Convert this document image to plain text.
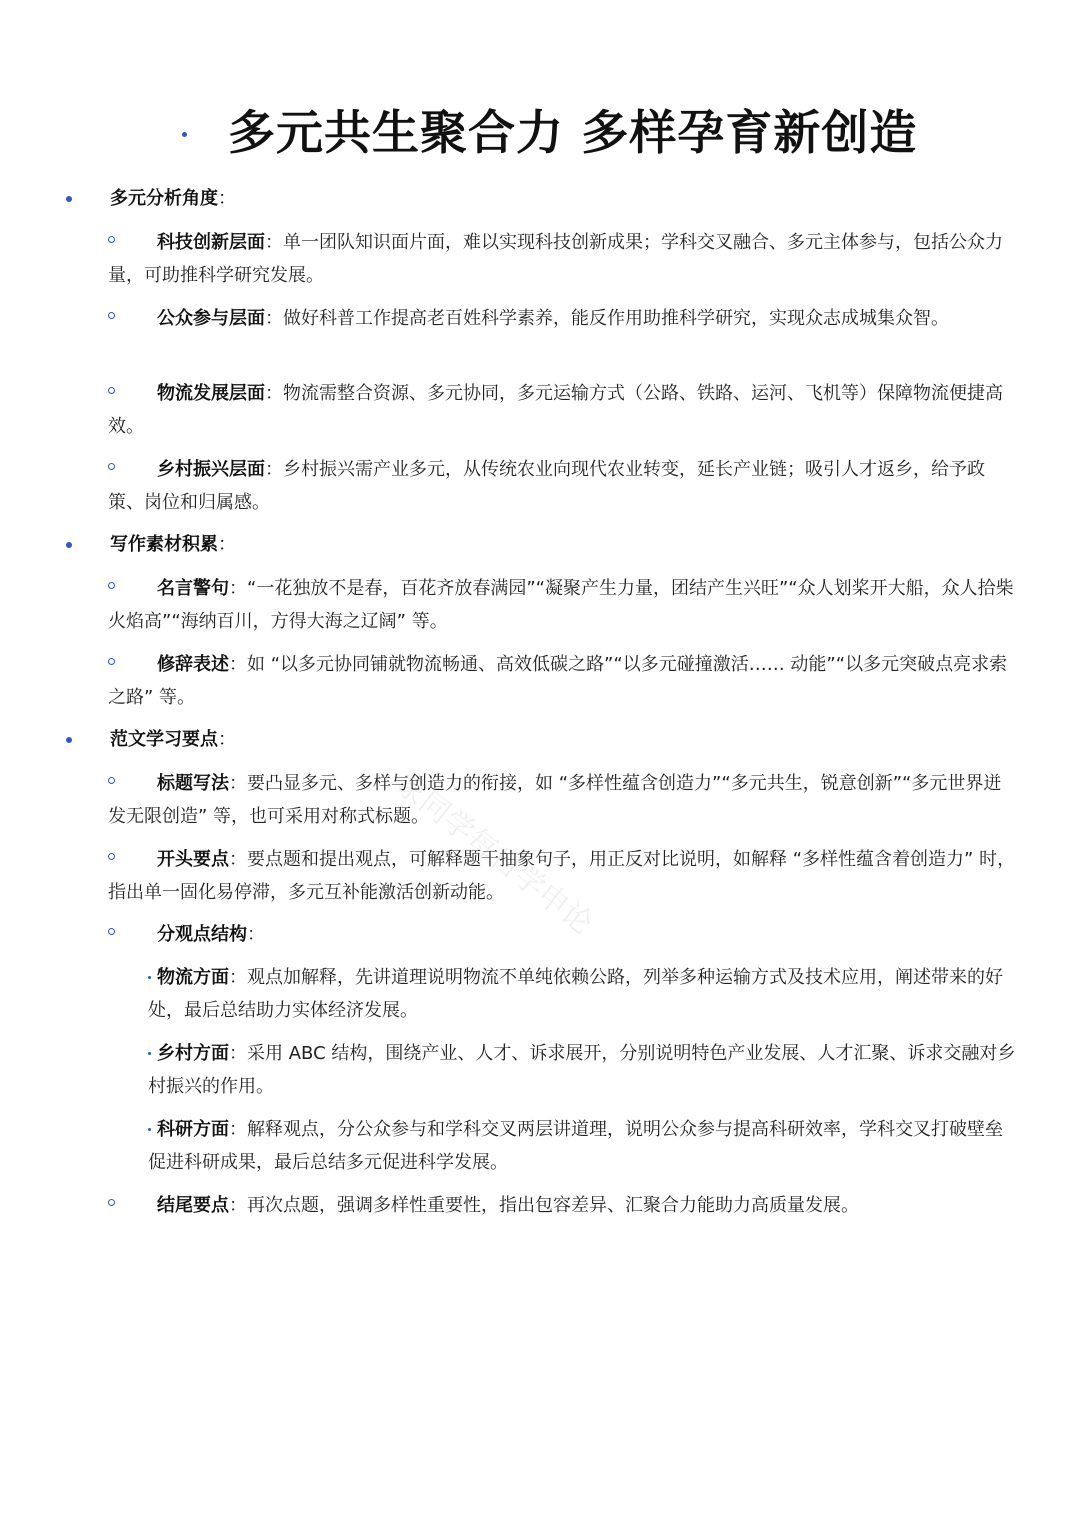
多元共生聚合力 多样孕育新创造
多元分析角度：

科技创新层面：单一团队知识面片面，难以实现科技创新成果；学科交叉融合、多元主体参与，包括公众力量，可助推科学研究发展。

公众参与层面：做好科普工作提高老百姓科学素养，能反作用助推科学研究，实现众志成城集众智。

物流发展层面：物流需整合资源、多元协同，多元运输方式（公路、铁路、运河、飞机等）保障物流便捷高效。

乡村振兴层面：乡村振兴需产业多元，从传统农业向现代农业转变，延长产业链；吸引人才返乡，给予政策、岗位和归属感。

写作素材积累：

名言警句：“一花独放不是春，百花齐放春满园”“凝聚产生力量，团结产生兴旺”“众人划桨开大船，众人拾柴火焰高”“海纳百川，方得大海之辽阔” 等。

修辞表述：如 “以多元协同铺就物流畅通、高效低碳之路”“以多元碰撞激活…… 动能”“以多元突破点亮求索之路” 等。

范文学习要点：

标题写法：要凸显多元、多样与创造力的衔接，如 “多样性蕴含创造力”“多元共生，锐意创新”“多元世界迸发无限创造” 等，也可采用对称式标题。

开头要点：要点题和提出观点，可解释题干抽象句子，用正反对比说明，如解释 “多样性蕴含着创造力” 时，指出单一固化易停滞，多元互补能激活创新动能。

分观点结构：

物流方面：观点加解释，先讲道理说明物流不单纯依赖公路，列举多种运输方式及技术应用，阐述带来的好处，最后总结助力实体经济发展。

乡村方面：采用 ABC 结构，围绕产业、人才、诉求展开，分别说明特色产业发展、人才汇聚、诉求交融对乡村振兴的作用。

科研方面：解释观点，分公众参与和学科交叉两层讲道理，说明公众参与提高科研效率，学科交叉打破壁垒促进科研成果，最后总结多元促进科学发展。

结尾要点：再次点题，强调多样性重要性，指出包容差异、汇聚合力能助力高质量发展。

家同学每日学申论
